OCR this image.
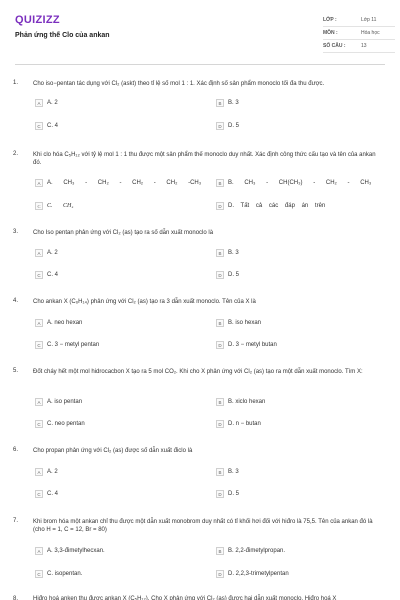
QUIZIZZ
Phản ứng thế Clo của ankan
LỚP :	Lớp 11
MÔN :	Hóa học
SỐ CÂU :	13
1. Cho iso−pentan tác dụng với Cl₂ (askt) theo tỉ lệ số mol 1 : 1. Xác định số sản phẩm monoclo tối đa thu được.
A	A. 2	B	B. 3
C	C. 4	D	D. 5
2. Khi clo hóa C₅H₁₂ với tỷ lệ mol 1 : 1 thu được một sản phẩm thế monoclo duy nhất. Xác định công thức cấu tạo và tên của ankan đó.
A	A. CH₃ - CH₂ - CH₂ - CH₂ -CH₃	B	B. CH₃ - CH(CH₃) - CH₂ - CH₃
C	C. CH₄	D	D. Tất cả các đáp án trên
3. Cho Iso pentan phản ứng với Cl₂ (as) tạo ra số dẫn xuất monoclo là
A	A. 2	B	B. 3
C	C. 4	D	D. 5
4. Cho ankan X (C₆H₁₄) phản ứng với Cl₂ (as) tạo ra 3 dẫn xuất monoclo. Tên của X là
A	A. neo hexan	B	B. iso hexan
C	C. 3 − metyl pentan	D	D. 3 − metyl butan
5. Đốt cháy hết một mol hidrocacbon X tạo ra 5 mol CO₂. Khi cho X phản ứng với Cl₂ (as) tạo ra một dẫn xuất monoclo. Tìm X:
A	A. iso pentan	B	B. xiclo hexan
C	C. neo pentan	D	D. n − butan
6. Cho propan phản ứng với Cl₂ (as) được số dẫn xuất điclo là
A	A. 2	B	B. 3
C	C. 4	D	D. 5
7. Khi brom hóa một ankan chỉ thu được một dẫn xuất monobrom duy nhất có tỉ khối hơi đối với hiđro là 75,5. Tên của ankan đó là (cho H = 1, C = 12, Br = 80)
A	A. 3,3-đimetylhecxan.	B	B. 2,2-đimetylpropan.
C	C. isopentan.	D	D. 2,2,3-trimetylpentan
8. Hiđro hoá anken thu được ankan X (C₅H₁₂). Cho X phản ứng với Cl₂ (as) được hai dẫn xuất monoclo. Hiđro hoá X
